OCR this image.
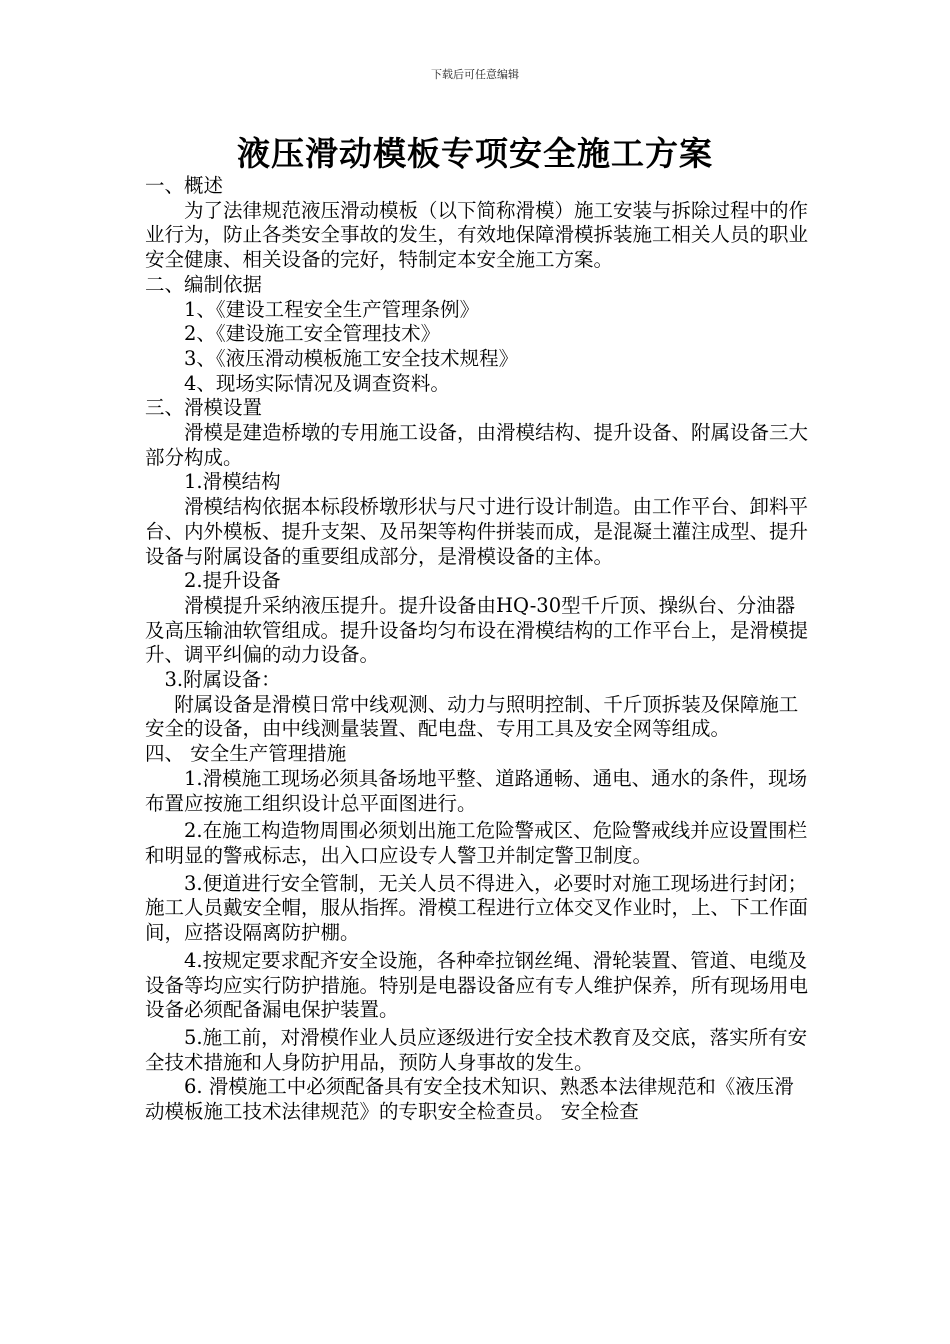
下载后可任意编辑
液压滑动模板专项安全施工方案

一、概述

为了法律规范液压滑动模板（以下简称滑模）施工安装与拆除过程中的作业行为，防止各类安全事故的发生，有效地保障滑模拆装施工相关人员的职业安全健康、相关设备的完好，特制定本安全施工方案。

二、编制依据

1、《建设工程安全生产管理条例》

2、《建设施工安全管理技术》

3、《液压滑动模板施工安全技术规程》

4、现场实际情况及调查资料。

三、滑模设置

滑模是建造桥墩的专用施工设备，由滑模结构、提升设备、附属设备三大部分构成。

1.滑模结构

滑模结构依据本标段桥墩形状与尺寸进行设计制造。由工作平台、卸料平台、内外模板、提升支架、及吊架等构件拼装而成，是混凝土灌注成型、提升设备与附属设备的重要组成部分，是滑模设备的主体。

2.提升设备

滑模提升采纳液压提升。提升设备由HQ-30型千斤顶、操纵台、分油器及高压输油软管组成。提升设备均匀布设在滑模结构的工作平台上，是滑模提升、调平纠偏的动力设备。

3.附属设备：

附属设备是滑模日常中线观测、动力与照明控制、千斤顶拆装及保障施工安全的设备，由中线测量装置、配电盘、专用工具及安全网等组成。

四、 安全生产管理措施

1.滑模施工现场必须具备场地平整、道路通畅、通电、通水的条件，现场布置应按施工组织设计总平面图进行。

2.在施工构造物周围必须划出施工危险警戒区、危险警戒线并应设置围栏和明显的警戒标志，出入口应设专人警卫并制定警卫制度。

3.便道进行安全管制，无关人员不得进入，必要时对施工现场进行封闭；施工人员戴安全帽，服从指挥。滑模工程进行立体交叉作业时，上、下工作面间，应搭设隔离防护棚。

4.按规定要求配齐安全设施，各种牵拉钢丝绳、滑轮装置、管道、电缆及设备等均应实行防护措施。特别是电器设备应有专人维护保养，所有现场用电设备必须配备漏电保护装置。

5.施工前，对滑模作业人员应逐级进行安全技术教育及交底，落实所有安全技术措施和人身防护用品，预防人身事故的发生。

6. 滑模施工中必须配备具有安全技术知识、熟悉本法律规范和《液压滑动模板施工技术法律规范》的专职安全检查员。 安全检查
